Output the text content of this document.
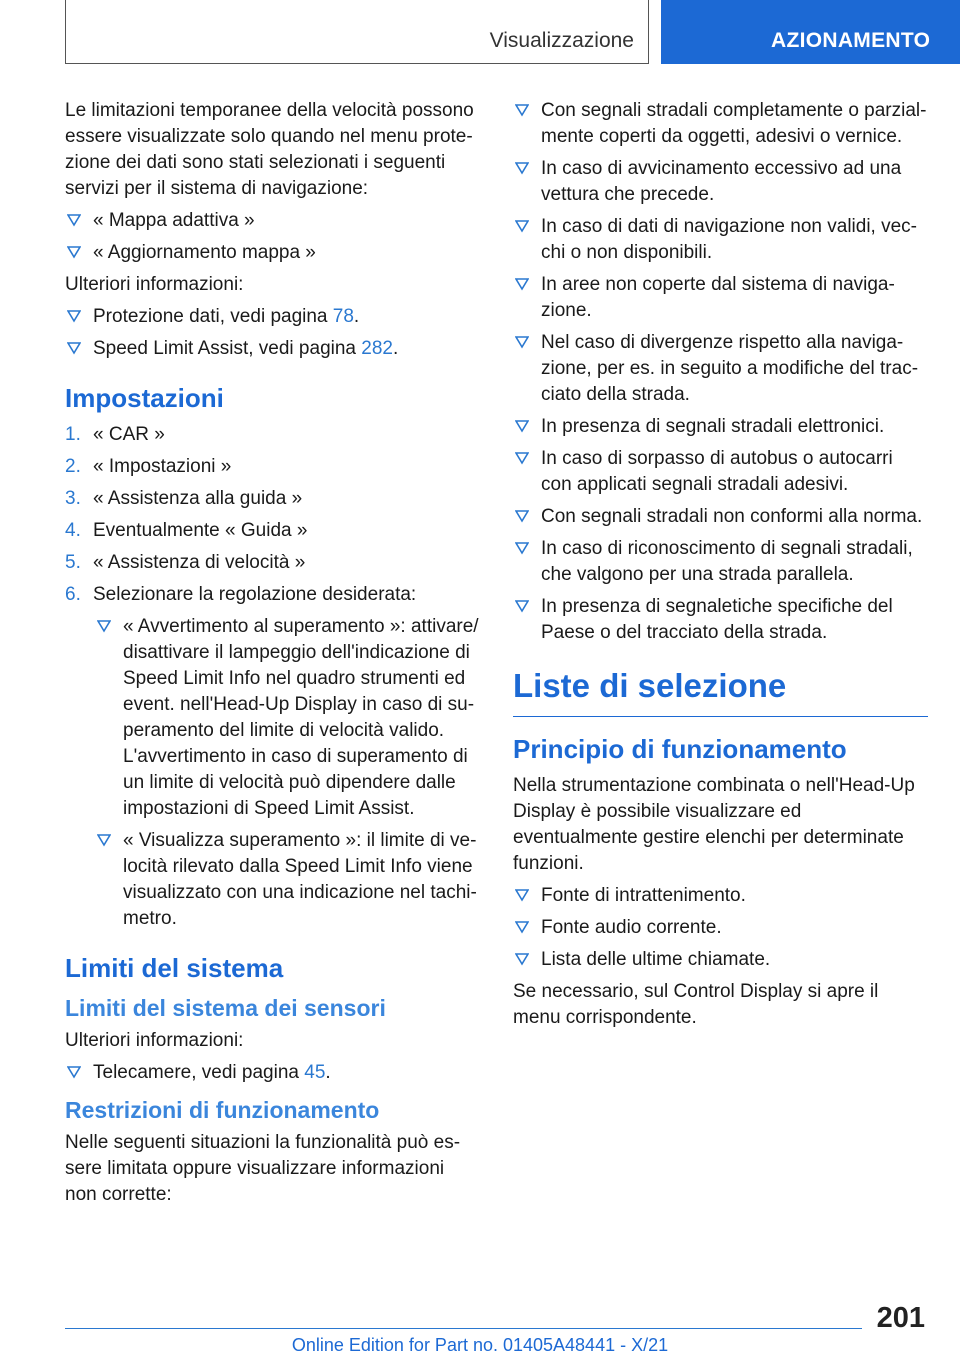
Visualizzazione	AZIONAMENTO

Le limitazioni temporanee della velocità possono essere visualizzate solo quando nel menu prote-zione dei dati sono stati selezionati i seguenti servizi per il sistema di navigazione:

« Mappa adattiva »
« Aggiornamento mappa »

Ulteriori informazioni:

Protezione dati, vedi pagina 78.
Speed Limit Assist, vedi pagina 282.
Impostazioni
1. « CAR »
2. « Impostazioni »
3. « Assistenza alla guida »
4. Eventualmente « Guida »
5. « Assistenza di velocità »
6. Selezionare la regolazione desiderata:
« Avvertimento al superamento »: attivare/ disattivare il lampeggio dell'indicazione di Speed Limit Info nel quadro strumenti ed event. nell'Head-Up Display in caso di su-peramento del limite di velocità valido. L'avvertimento in caso di superamento di un limite di velocità può dipendere dalle impostazioni di Speed Limit Assist.
« Visualizza superamento »: il limite di ve-locità rilevato dalla Speed Limit Info viene visualizzato con una indicazione nel tachi-metro.
Limiti del sistema
Limiti del sistema dei sensori

Ulteriori informazioni:

Telecamere, vedi pagina 45.
Restrizioni di funzionamento

Nelle seguenti situazioni la funzionalità può es-sere limitata oppure visualizzare informazioni non corrette:

Con segnali stradali completamente o parzial-mente coperti da oggetti, adesivi o vernice.
In caso di avvicinamento eccessivo ad una vettura che precede.
In caso di dati di navigazione non validi, vec-chi o non disponibili.
In aree non coperte dal sistema di naviga-zione.
Nel caso di divergenze rispetto alla naviga-zione, per es. in seguito a modifiche del trac-ciato della strada.
In presenza di segnali stradali elettronici.
In caso di sorpasso di autobus o autocarri con applicati segnali stradali adesivi.
Con segnali stradali non conformi alla norma.
In caso di riconoscimento di segnali stradali, che valgono per una strada parallela.
In presenza di segnaletiche specifiche del Paese o del tracciato della strada.
Liste di selezione
Principio di funzionamento

Nella strumentazione combinata o nell'Head-Up Display è possibile visualizzare ed eventualmente gestire elenchi per determinate funzioni.

Fonte di intrattenimento.
Fonte audio corrente.
Lista delle ultime chiamate.

Se necessario, sul Control Display si apre il menu corrispondente.

201
Online Edition for Part no. 01405A48441 - X/21
